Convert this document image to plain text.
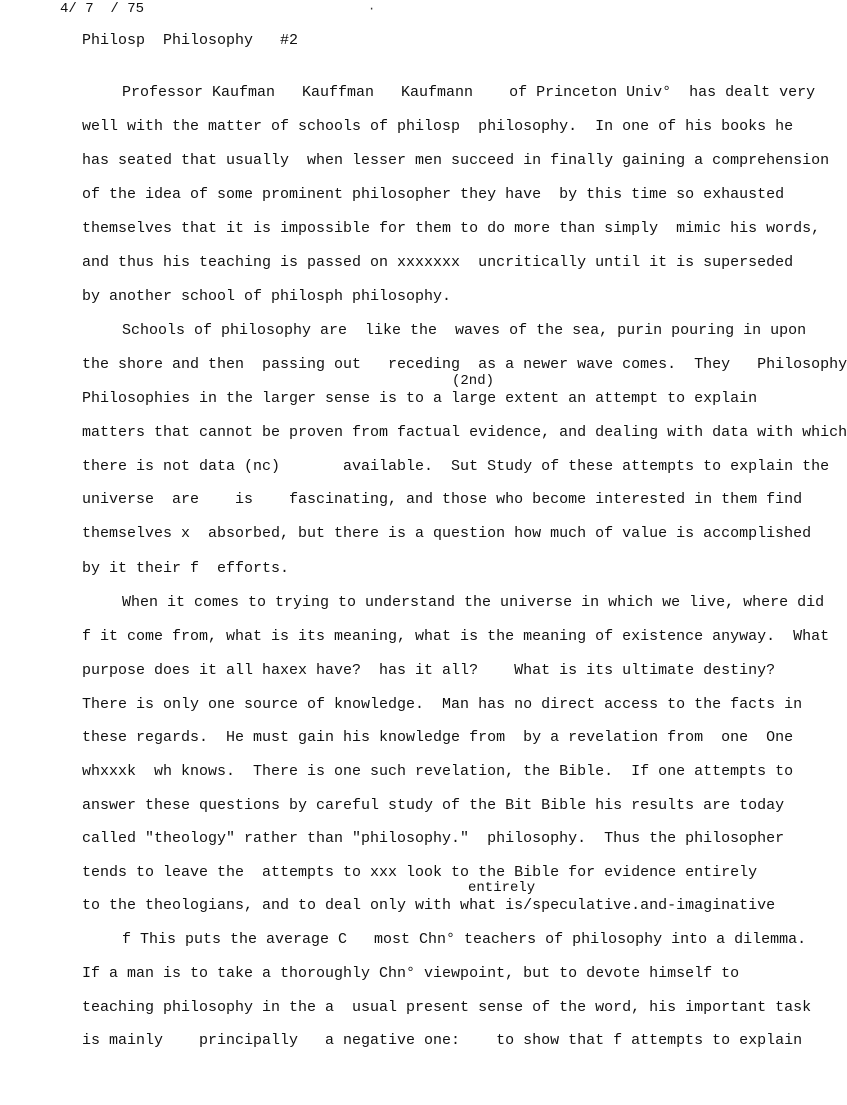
4/ 7  / 75	·
Philosp  Philosophy   #2
Professor Kaufman   Kauffman   Kaufmann    of Princeton Univ°  has dealt very
well with the matter of schools of philosp  philosophy.  In one of his books he
has seated that usually  when lesser men succeed in finally gaining a comprehension
of the idea of some prominent philosopher they have  by this time so exhausted
themselves that it is impossible for them to do more than simply  mimic his words,
and thus his teaching is passed on xxxxxxx  uncritically until it is superseded
by another school of philosph philosophy.
Schools of philosophy are  like the  waves of the sea, purin pouring in upon
the shore and then  passing out   receding  as a newer wave comes.  They   Philosophy
(2nd)
Philosophies in the larger sense is to a large extent an attempt to explain
matters that cannot be proven from factual evidence, and dealing with data with which
there is not data (nc)       available.  Sut Study of these attempts to explain the
universe  are    is    fascinating, and those who become interested in them find
themselves x  absorbed, but there is a question how much of value is accomplished
by it their f  efforts.
When it comes to trying to understand the universe in which we live, where did
f it come from, what is its meaning, what is the meaning of existence anyway.  What
purpose does it all haxex have?  has it all?    What is its ultimate destiny?
There is only one source of knowledge.  Man has no direct access to the facts in
these regards.  He must gain his knowledge from  by a revelation from  one  One
whxxxk  wh knows.  There is one such revelation, the Bible.  If one attempts to
answer these questions by careful study of the Bit Bible his results are today
called "theology" rather than "philosophy."  philosophy.  Thus the philosopher
tends to leave the  attempts to xxx look to the Bible for evidence entirely
entirely
to the theologians, and to deal only with what is/speculative.and-imaginative
f This puts the average C   most Chn° teachers of philosophy into a dilemma.
If a man is to take a thoroughly Chn° viewpoint, but to devote himself to
teaching philosophy in the a  usual present sense of the word, his important task
is mainly    principally   a negative one:    to show that f attempts to explain
